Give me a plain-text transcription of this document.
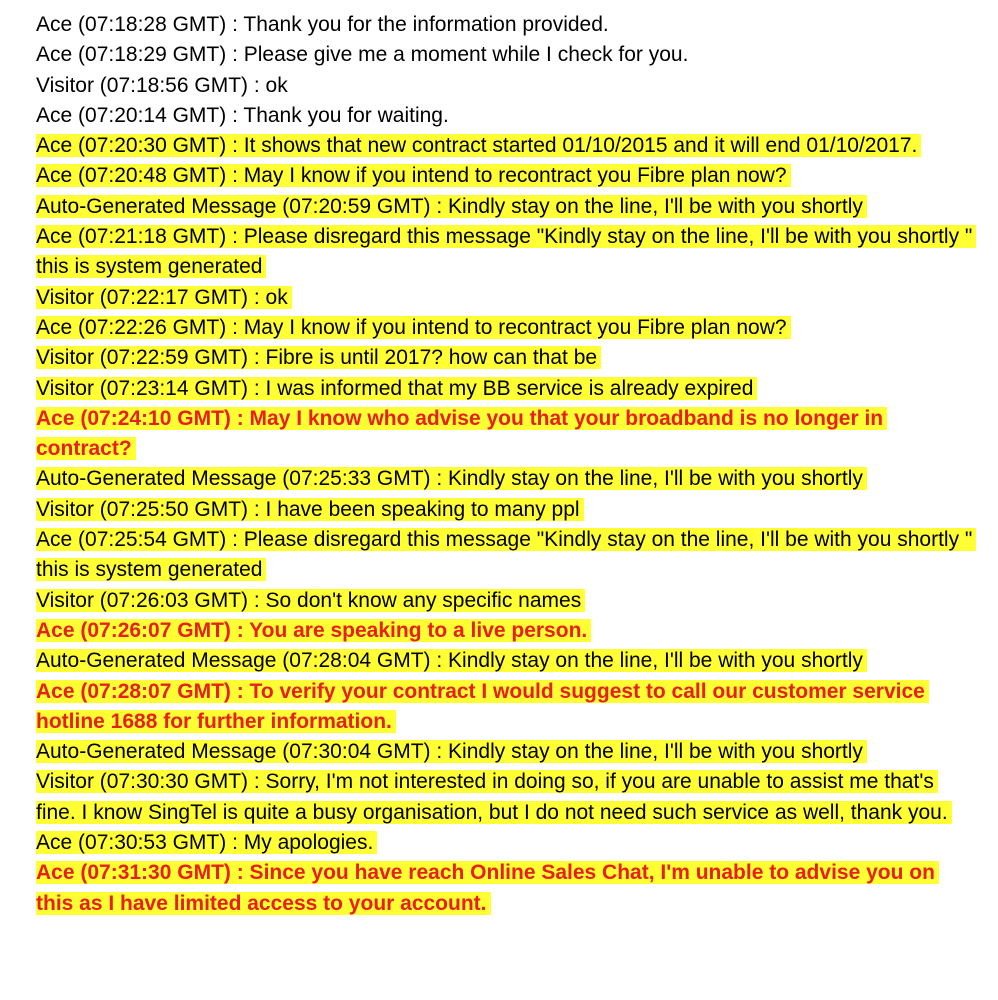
Ace (07:18:28 GMT) : Thank you for the information provided.

Ace (07:18:29 GMT) : Please give me a moment while I check for you.

Visitor (07:18:56 GMT) : ok

Ace (07:20:14 GMT) : Thank you for waiting.

Ace (07:20:30 GMT) : It shows that new contract started 01/10/2015 and it will end 01/10/2017.

Ace (07:20:48 GMT) : May I know if you intend to recontract you Fibre plan now?

Auto-Generated Message (07:20:59 GMT) : Kindly stay on the line, I'll be with you shortly

Ace (07:21:18 GMT) : Please disregard this message "Kindly stay on the line, I'll be with you shortly " this is system generated

Visitor (07:22:17 GMT) : ok

Ace (07:22:26 GMT) : May I know if you intend to recontract you Fibre plan now?

Visitor (07:22:59 GMT) : Fibre is until 2017? how can that be

Visitor (07:23:14 GMT) : I was informed that my BB service is already expired

Ace (07:24:10 GMT) : May I know who advise you that your broadband is no longer in contract?

Auto-Generated Message (07:25:33 GMT) : Kindly stay on the line, I'll be with you shortly

Visitor (07:25:50 GMT) : I have been speaking to many ppl

Ace (07:25:54 GMT) : Please disregard this message "Kindly stay on the line, I'll be with you shortly " this is system generated

Visitor (07:26:03 GMT) : So don't know any specific names

Ace (07:26:07 GMT) : You are speaking to a live person.

Auto-Generated Message (07:28:04 GMT) : Kindly stay on the line, I'll be with you shortly

Ace (07:28:07 GMT) : To verify your contract I would suggest to call our customer service hotline 1688 for further information.

Auto-Generated Message (07:30:04 GMT) : Kindly stay on the line, I'll be with you shortly

Visitor (07:30:30 GMT) : Sorry, I'm not interested in doing so, if you are unable to assist me that's fine. I know SingTel is quite a busy organisation, but I do not need such service as well, thank you.

Ace (07:30:53 GMT) : My apologies.

Ace (07:31:30 GMT) : Since you have reach Online Sales Chat, I'm unable to advise you on this as I have limited access to your account.
